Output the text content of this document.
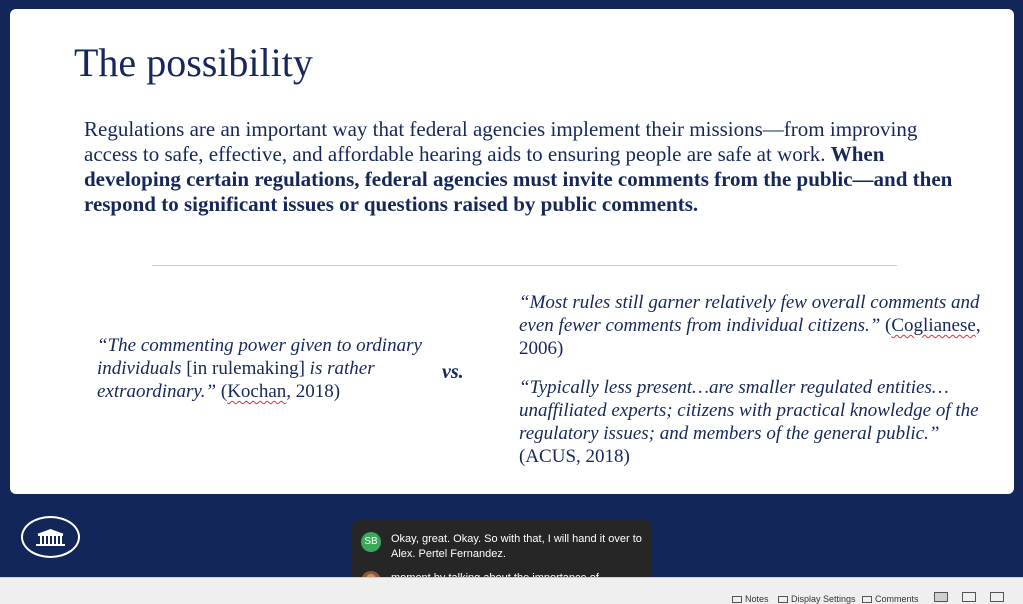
The possibility
Regulations are an important way that federal agencies implement their missions—from improving access to safe, effective, and affordable hearing aids to ensuring people are safe at work. When developing certain regulations, federal agencies must invite comments from the public—and then respond to significant issues or questions raised by public comments.

“The commenting power given to ordinary individuals [in rulemaking] is rather extraordinary.” (Kochan, 2018)

vs.

“Most rules still garner relatively few overall comments and even fewer comments from individual citizens.” (Coglianese, 2006)

“Typically less present…are smaller regulated entities…unaffiliated experts; citizens with practical knowledge of the regulatory issues; and members of the general public.” (ACUS, 2018)

SB	Okay, great. Okay. So with that, I will hand it over to Alex. Pertel Fernandez.
Notes Display Settings Comments
